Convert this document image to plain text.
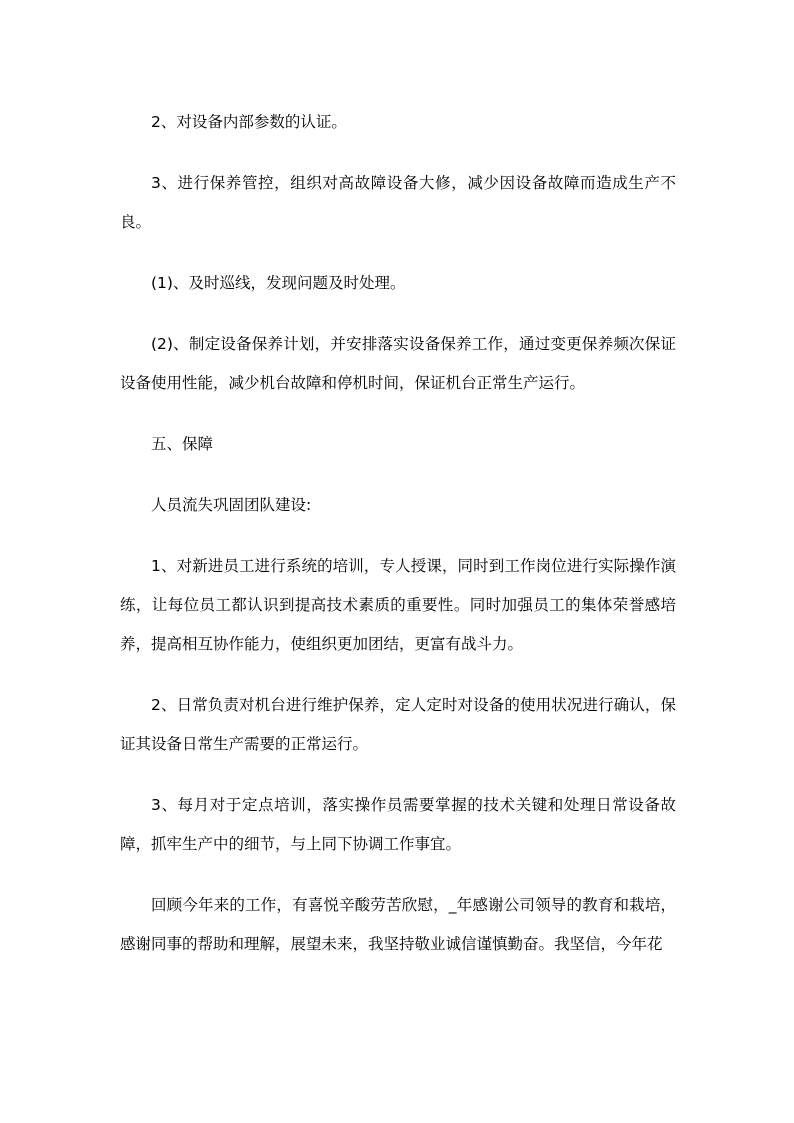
2、对设备内部参数的认证。

3、进行保养管控，组织对高故障设备大修，减少因设备故障而造成生产不良。

(1)、及时巡线，发现问题及时处理。

(2)、制定设备保养计划，并安排落实设备保养工作，通过变更保养频次保证设备使用性能，减少机台故障和停机时间，保证机台正常生产运行。

五、保障

人员流失巩固团队建设:

1、对新进员工进行系统的培训，专人授课，同时到工作岗位进行实际操作演练，让每位员工都认识到提高技术素质的重要性。同时加强员工的集体荣誉感培养，提高相互协作能力，使组织更加团结，更富有战斗力。

2、日常负责对机台进行维护保养，定人定时对设备的使用状况进行确认，保证其设备日常生产需要的正常运行。

3、每月对于定点培训，落实操作员需要掌握的技术关键和处理日常设备故障，抓牢生产中的细节，与上同下协调工作事宜。

回顾今年来的工作，有喜悦辛酸劳苦欣慰，_年感谢公司领导的教育和栽培，感谢同事的帮助和理解，展望未来，我坚持敬业诚信谨慎勤奋。我坚信，今年花
